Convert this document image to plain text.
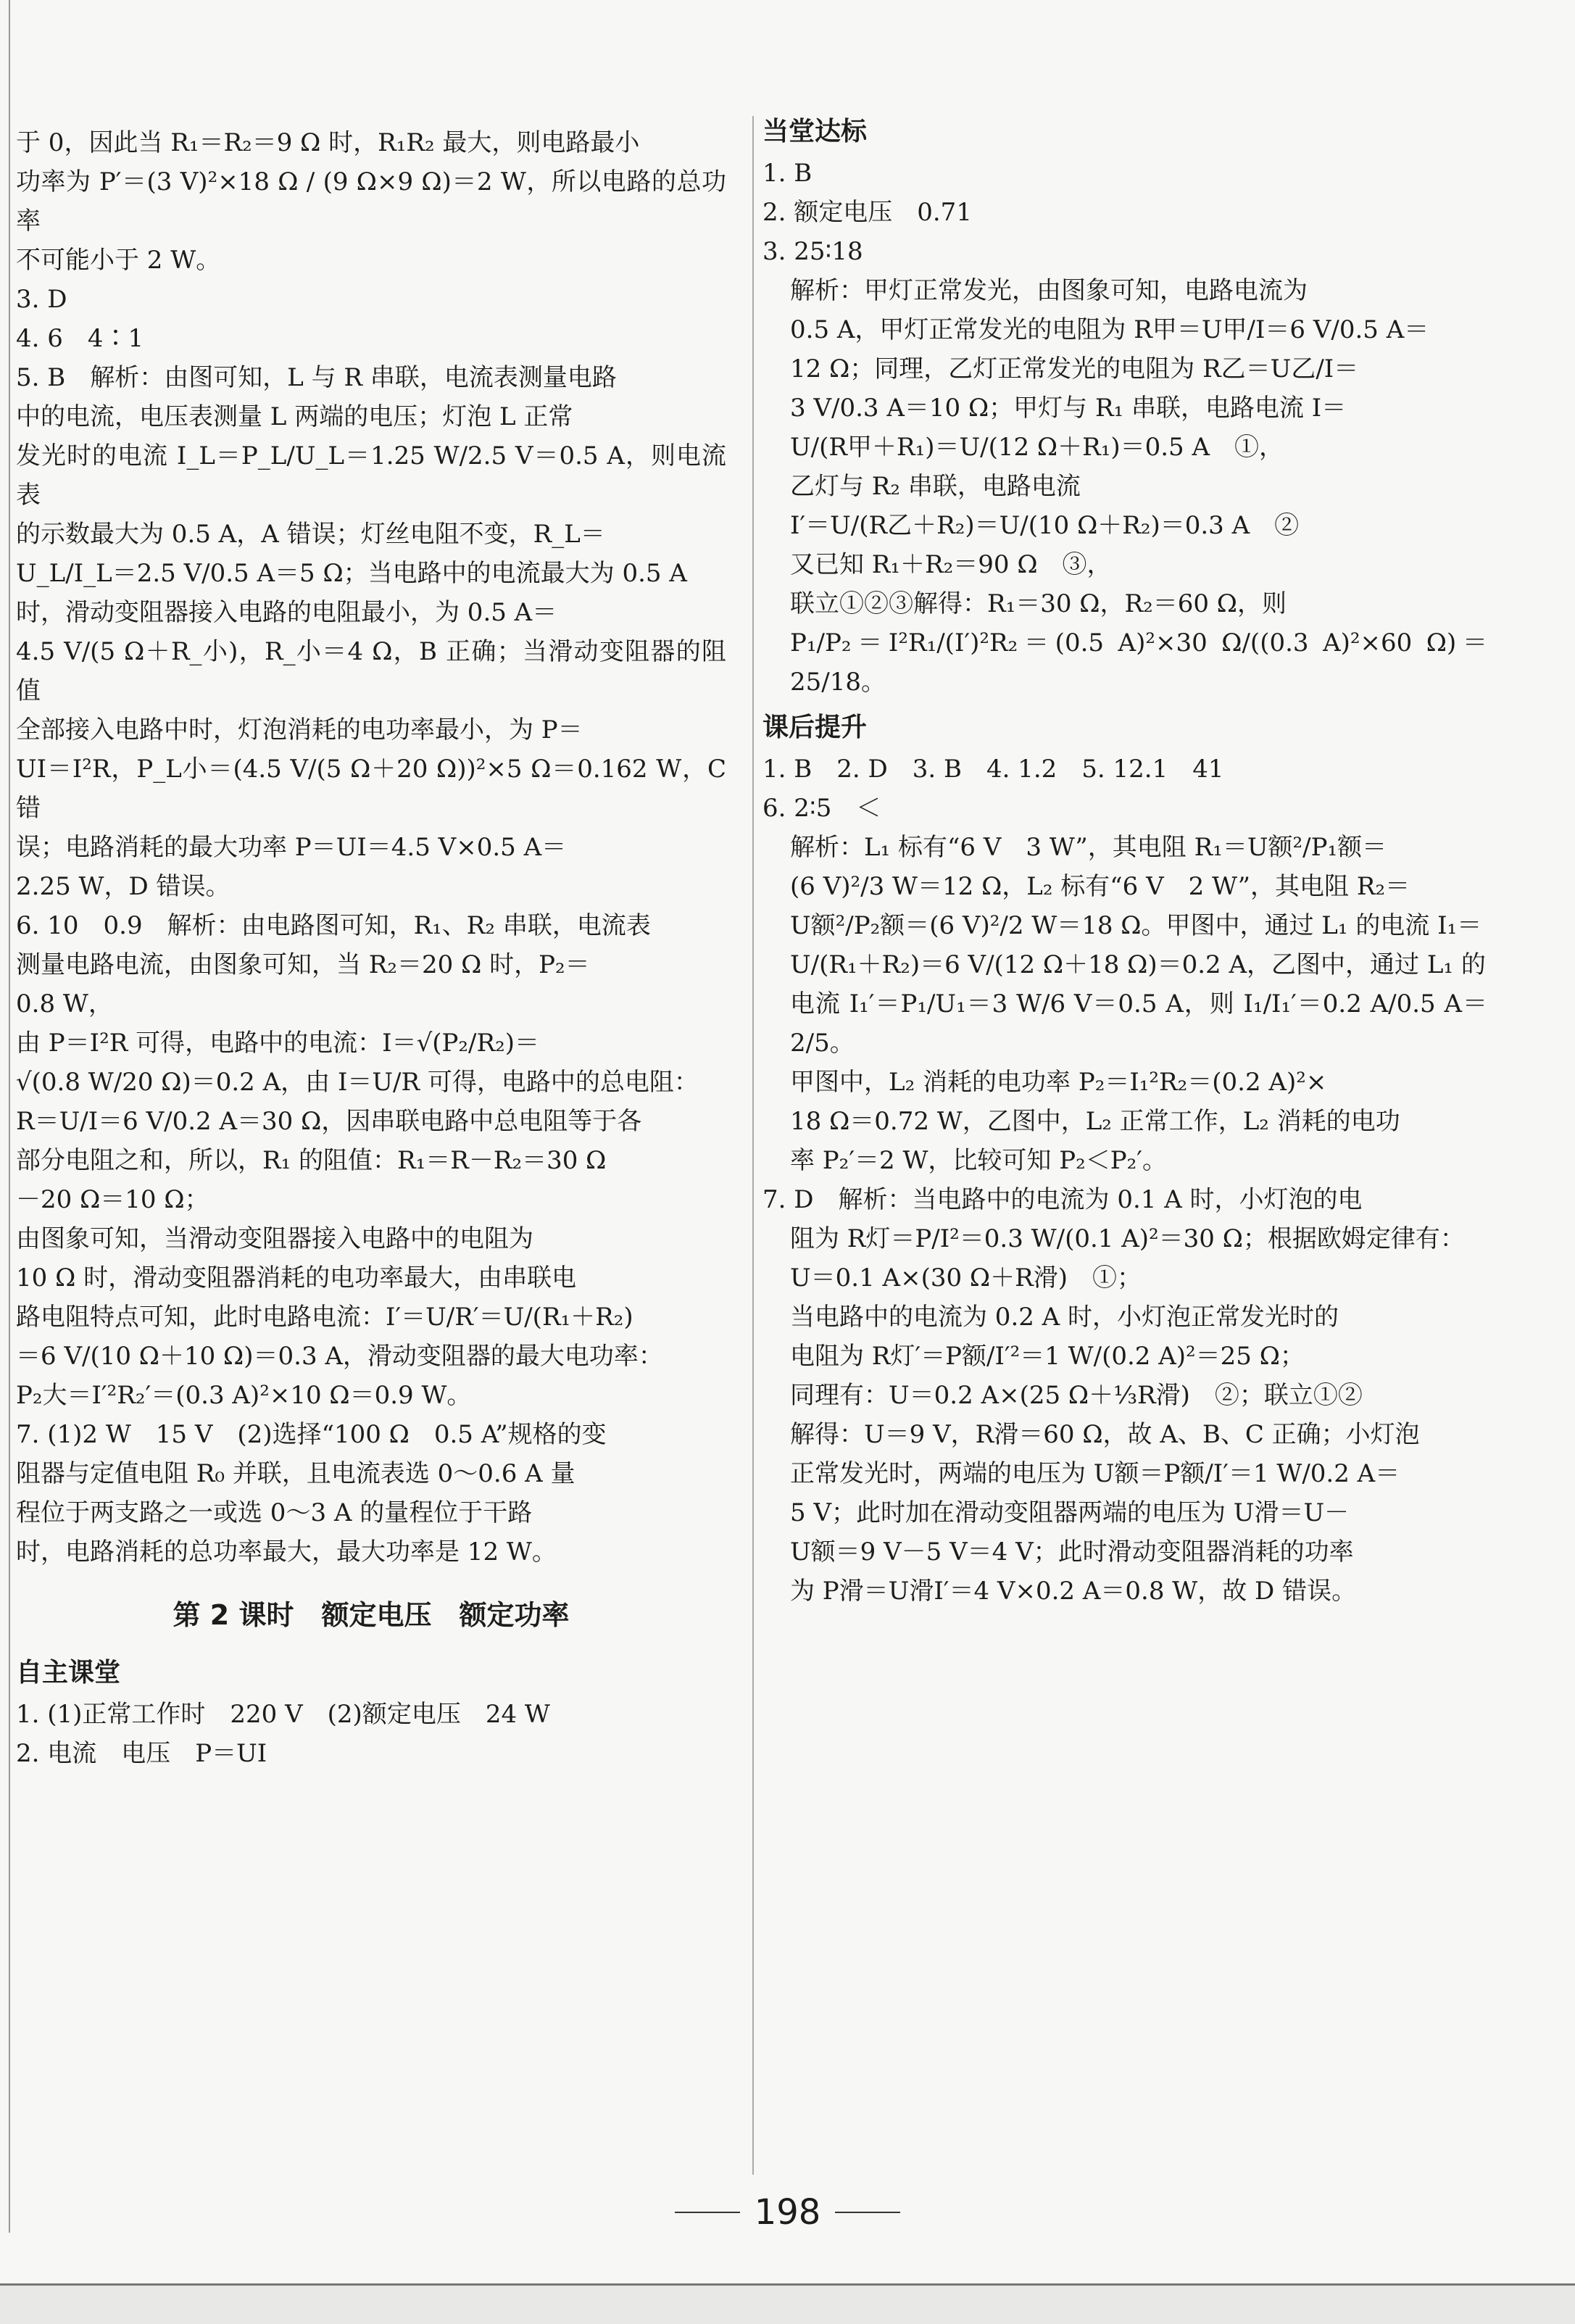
于 0，因此当 R₁＝R₂＝9 Ω 时，R₁R₂ 最大，则电路最小

功率为 P′＝(3 V)²×18 Ω / (9 Ω×9 Ω)＝2 W，所以电路的总功率

不可能小于 2 W。

3. D

4. 6　4∶1

5. B　解析：由图可知，L 与 R 串联，电流表测量电路

中的电流，电压表测量 L 两端的电压；灯泡 L 正常

发光时的电流 I_L＝P_L/U_L＝1.25 W/2.5 V＝0.5 A，则电流表

的示数最大为 0.5 A，A 错误；灯丝电阻不变，R_L＝

U_L/I_L＝2.5 V/0.5 A＝5 Ω；当电路中的电流最大为 0.5 A

时，滑动变阻器接入电路的电阻最小，为 0.5 A＝

4.5 V/(5 Ω＋R_小)，R_小＝4 Ω，B 正确；当滑动变阻器的阻值

全部接入电路中时，灯泡消耗的电功率最小，为 P＝

UI＝I²R，P_L小＝(4.5 V/(5 Ω＋20 Ω))²×5 Ω＝0.162 W，C 错

误；电路消耗的最大功率 P＝UI＝4.5 V×0.5 A＝

2.25 W，D 错误。

6. 10　0.9　解析：由电路图可知，R₁、R₂ 串联，电流表

测量电路电流，由图象可知，当 R₂＝20 Ω 时，P₂＝

0.8 W，

由 P＝I²R 可得，电路中的电流：I＝√(P₂/R₂)＝

√(0.8 W/20 Ω)＝0.2 A，由 I＝U/R 可得，电路中的总电阻：

R＝U/I＝6 V/0.2 A＝30 Ω，因串联电路中总电阻等于各

部分电阻之和，所以，R₁ 的阻值：R₁＝R－R₂＝30 Ω

－20 Ω＝10 Ω；

由图象可知，当滑动变阻器接入电路中的电阻为

10 Ω 时，滑动变阻器消耗的电功率最大，由串联电

路电阻特点可知，此时电路电流：I′＝U/R′＝U/(R₁＋R₂)

＝6 V/(10 Ω＋10 Ω)＝0.3 A，滑动变阻器的最大电功率：

P₂大＝I′²R₂′＝(0.3 A)²×10 Ω＝0.9 W。

7. (1)2 W　15 V　(2)选择“100 Ω　0.5 A”规格的变

阻器与定值电阻 R₀ 并联，且电流表选 0～0.6 A 量

程位于两支路之一或选 0～3 A 的量程位于干路

时，电路消耗的总功率最大，最大功率是 12 W。

第 2 课时　额定电压　额定功率
自主课堂

1. (1)正常工作时　220 V　(2)额定电压　24 W

2. 电流　电压　P＝UI

当堂达标

1. B

2. 额定电压　0.71

3. 25∶18

解析：甲灯正常发光，由图象可知，电路电流为

0.5 A，甲灯正常发光的电阻为 R甲＝U甲/I＝6 V/0.5 A＝

12 Ω；同理，乙灯正常发光的电阻为 R乙＝U乙/I＝

3 V/0.3 A＝10 Ω；甲灯与 R₁ 串联，电路电流 I＝

U/(R甲＋R₁)＝U/(12 Ω＋R₁)＝0.5 A　①，

乙灯与 R₂ 串联，电路电流

I′＝U/(R乙＋R₂)＝U/(10 Ω＋R₂)＝0.3 A　②

又已知 R₁＋R₂＝90 Ω　③，

联立①②③解得：R₁＝30 Ω，R₂＝60 Ω，则

P₁/P₂＝I²R₁/(I′)²R₂＝(0.5 A)²×30 Ω/((0.3 A)²×60 Ω)＝25/18。

课后提升

1. B　2. D　3. B　4. 1.2　5. 12.1　41

6. 2∶5　＜

解析：L₁ 标有“6 V　3 W”，其电阻 R₁＝U额²/P₁额＝

(6 V)²/3 W＝12 Ω，L₂ 标有“6 V　2 W”，其电阻 R₂＝

U额²/P₂额＝(6 V)²/2 W＝18 Ω。甲图中，通过 L₁ 的电流 I₁＝

U/(R₁＋R₂)＝6 V/(12 Ω＋18 Ω)＝0.2 A，乙图中，通过 L₁ 的

电流 I₁′＝P₁/U₁＝3 W/6 V＝0.5 A，则 I₁/I₁′＝0.2 A/0.5 A＝2/5。

甲图中，L₂ 消耗的电功率 P₂＝I₁²R₂＝(0.2 A)²×

18 Ω＝0.72 W，乙图中，L₂ 正常工作，L₂ 消耗的电功

率 P₂′＝2 W，比较可知 P₂＜P₂′。

7. D　解析：当电路中的电流为 0.1 A 时，小灯泡的电

阻为 R灯＝P/I²＝0.3 W/(0.1 A)²＝30 Ω；根据欧姆定律有：

U＝0.1 A×(30 Ω＋R滑)　①；

当电路中的电流为 0.2 A 时，小灯泡正常发光时的

电阻为 R灯′＝P额/I′²＝1 W/(0.2 A)²＝25 Ω；

同理有：U＝0.2 A×(25 Ω＋⅓R滑)　②；联立①②

解得：U＝9 V，R滑＝60 Ω，故 A、B、C 正确；小灯泡

正常发光时，两端的电压为 U额＝P额/I′＝1 W/0.2 A＝

5 V；此时加在滑动变阻器两端的电压为 U滑＝U－

U额＝9 V－5 V＝4 V；此时滑动变阻器消耗的功率

为 P滑＝U滑I′＝4 V×0.2 A＝0.8 W，故 D 错误。

198
